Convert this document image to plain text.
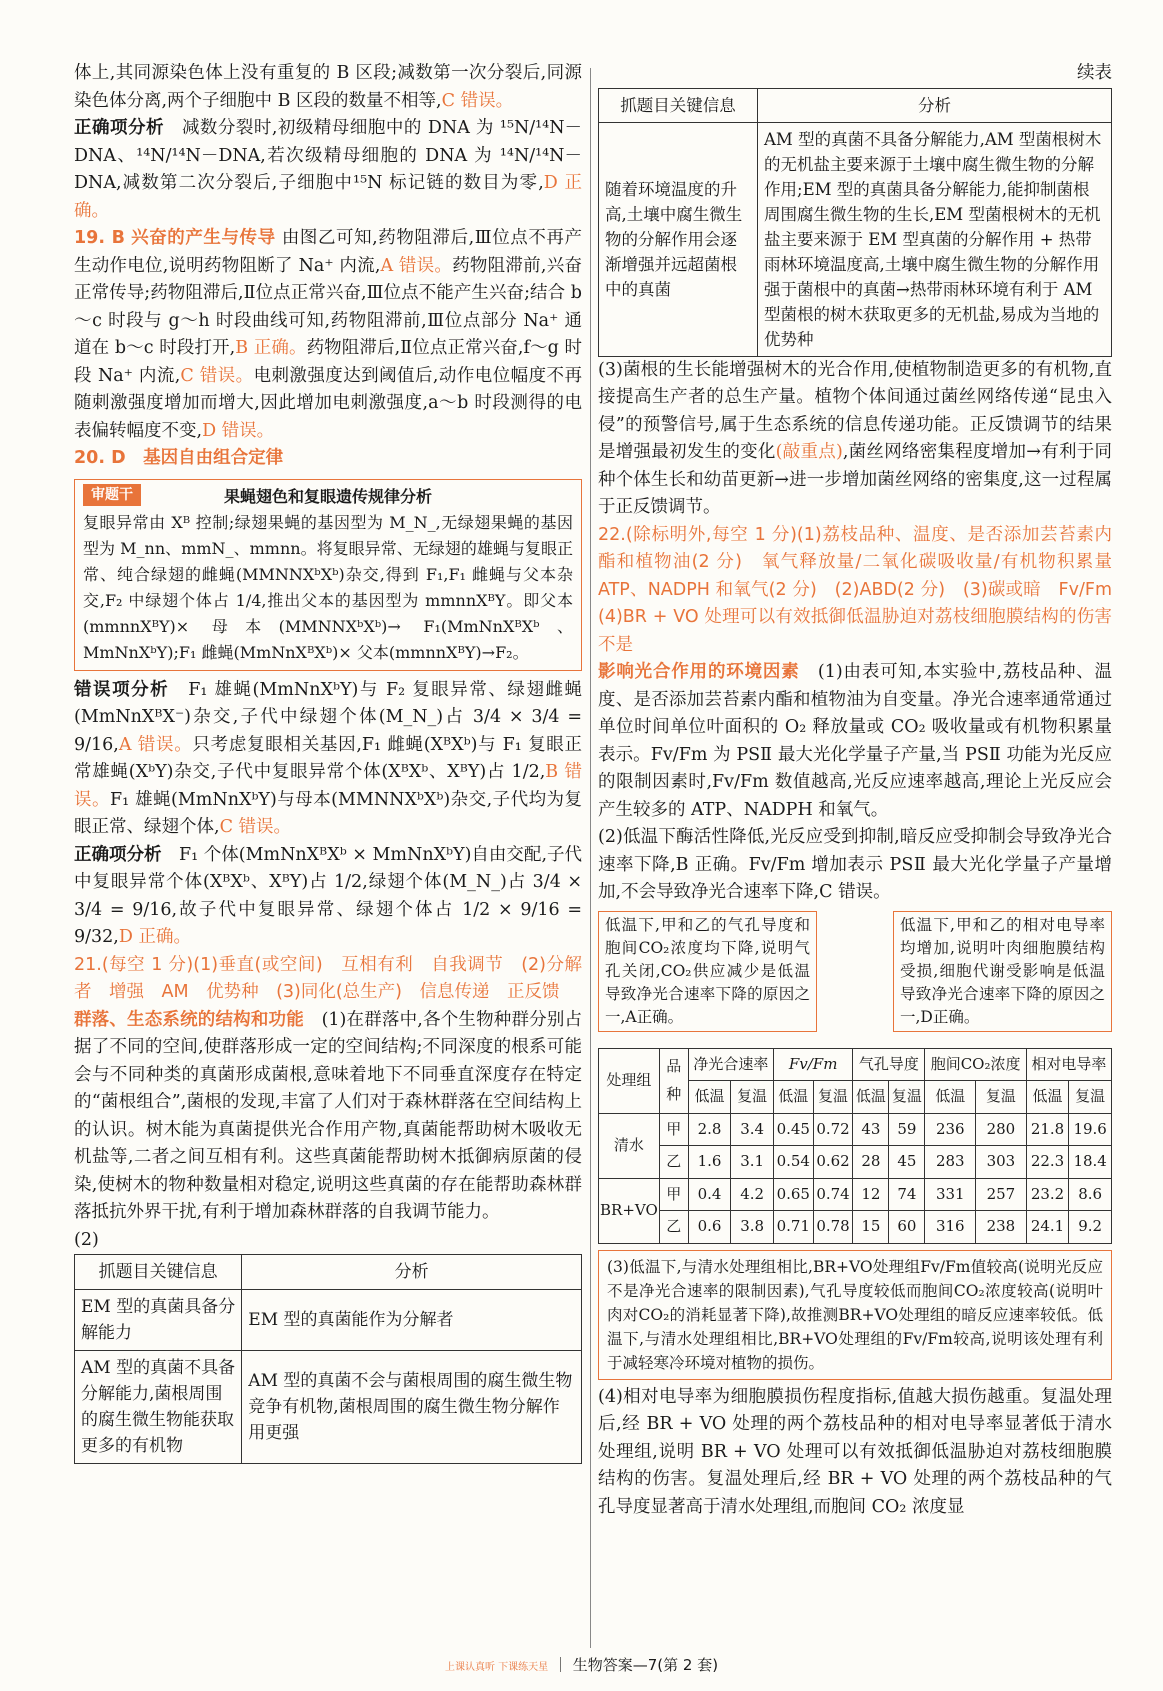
体上,其同源染色体上没有重复的 B 区段;减数第一次分裂后,同源染色体分离,两个子细胞中 B 区段的数量不相等,C 错误。

正确项分析　 减数分裂时,初级精母细胞中的 DNA 为 ¹⁵N/¹⁴N－DNA、¹⁴N/¹⁴N－DNA,若次级精母细胞的 DNA 为 ¹⁴N/¹⁴N－DNA,减数第二次分裂后,子细胞中¹⁵N 标记链的数目为零,D 正确。

19. B 兴奋的产生与传导 由图乙可知,药物阻滞后,Ⅲ位点不再产生动作电位,说明药物阻断了 Na⁺ 内流,A 错误。药物阻滞前,兴奋正常传导;药物阻滞后,Ⅱ位点正常兴奋,Ⅲ位点不能产生兴奋;结合 b～c 时段与 g～h 时段曲线可知,药物阻滞前,Ⅲ位点部分 Na⁺ 通道在 b～c 时段打开,B 正确。药物阻滞后,Ⅱ位点正常兴奋,f～g 时段 Na⁺ 内流,C 错误。电刺激强度达到阈值后,动作电位幅度不再随刺激强度增加而增大,因此增加电刺激强度,a～b 时段测得的电表偏转幅度不变,D 错误。

20. D　 基因自由组合定律

审题干	果蝇翅色和复眼遗传规律分析

复眼异常由 Xᴮ 控制;绿翅果蝇的基因型为 M_N_,无绿翅果蝇的基因型为 M_nn、mmN_、mmnn。将复眼异常、无绿翅的雄蝇与复眼正常、纯合绿翅的雌蝇(MMNNXᵇXᵇ)杂交,得到 F₁,F₁ 雌蝇与父本杂交,F₂ 中绿翅个体占 1/4,推出父本的基因型为 mmnnXᴮY。即父本(mmnnXᴮY)× 母本(MMNNXᵇXᵇ)→ F₁(MmNnXᴮXᵇ、MmNnXᵇY);F₁ 雌蝇(MmNnXᴮXᵇ)× 父本(mmnnXᴮY)→F₂。

错误项分析　 F₁ 雄蝇(MmNnXᵇY)与 F₂ 复眼异常、绿翅雌蝇(MmNnXᴮX⁻)杂交,子代中绿翅个体(M_N_)占 3/4 × 3/4 = 9/16,A 错误。只考虑复眼相关基因,F₁ 雌蝇(XᴮXᵇ)与 F₁ 复眼正常雄蝇(XᵇY)杂交,子代中复眼异常个体(XᴮXᵇ、XᴮY)占 1/2,B 错误。F₁ 雄蝇(MmNnXᵇY)与母本(MMNNXᵇXᵇ)杂交,子代均为复眼正常、绿翅个体,C 错误。

正确项分析　 F₁ 个体(MmNnXᴮXᵇ × MmNnXᵇY)自由交配,子代中复眼异常个体(XᴮXᵇ、XᴮY)占 1/2,绿翅个体(M_N_)占 3/4 × 3/4 = 9/16,故子代中复眼异常、绿翅个体占 1/2 × 9/16 = 9/32,D 正确。

21.(每空 1 分)(1)垂直(或空间)　互相有利　自我调节　(2)分解者　增强　AM　优势种　(3)同化(总生产)　信息传递　正反馈

群落、生态系统的结构和功能　 (1)在群落中,各个生物种群分别占据了不同的空间,使群落形成一定的空间结构;不同深度的根系可能会与不同种类的真菌形成菌根,意味着地下不同垂直深度存在特定的“菌根组合”,菌根的发现,丰富了人们对于森林群落在空间结构上的认识。树木能为真菌提供光合作用产物,真菌能帮助树木吸收无机盐等,二者之间互相有利。这些真菌能帮助树木抵御病原菌的侵染,使树木的物种数量相对稳定,说明这些真菌的存在能帮助森林群落抵抗外界干扰,有利于增加森林群落的自我调节能力。

(2)

抓题目关键信息	分析
EM 型的真菌具备分解能力	EM 型的真菌能作为分解者
AM 型的真菌不具备分解能力,菌根周围的腐生微生物能获取更多的有机物	AM 型的真菌不会与菌根周围的腐生微生物竞争有机物,菌根周围的腐生微生物分解作用更强

续表

抓题目关键信息	分析
随着环境温度的升高,土壤中腐生微生物的分解作用会逐渐增强并远超菌根中的真菌	AM 型的真菌不具备分解能力,AM 型菌根树木的无机盐主要来源于土壤中腐生微生物的分解作用;EM 型的真菌具备分解能力,能抑制菌根周围腐生微生物的生长,EM 型菌根树木的无机盐主要来源于 EM 型真菌的分解作用 + 热带雨林环境温度高,土壤中腐生微生物的分解作用强于菌根中的真菌→热带雨林环境有利于 AM 型菌根的树木获取更多的无机盐,易成为当地的优势种

(3)菌根的生长能增强树木的光合作用,使植物制造更多的有机物,直接提高生产者的总生产量。植物个体间通过菌丝网络传递“昆虫入侵”的预警信号,属于生态系统的信息传递功能。正反馈调节的结果是增强最初发生的变化(敲重点),菌丝网络密集程度增加→有利于同种个体生长和幼苗更新→进一步增加菌丝网络的密集度,这一过程属于正反馈调节。

22.(除标明外,每空 1 分)(1)荔枝品种、温度、是否添加芸苔素内酯和植物油(2 分)　氧气释放量/二氧化碳吸收量/有机物积累量　ATP、NADPH 和氧气(2 分)　(2)ABD(2 分)　(3)碳或暗　Fv/Fm　(4)BR + VO 处理可以有效抵御低温胁迫对荔枝细胞膜结构的伤害　不是

影响光合作用的环境因素　 (1)由表可知,本实验中,荔枝品种、温度、是否添加芸苔素内酯和植物油为自变量。净光合速率通常通过单位时间单位叶面积的 O₂ 释放量或 CO₂ 吸收量或有机物积累量表示。Fv/Fm 为 PSⅡ 最大光化学量子产量,当 PSⅡ 功能为光反应的限制因素时,Fv/Fm 数值越高,光反应速率越高,理论上光反应会产生较多的 ATP、NADPH 和氧气。

(2)低温下酶活性降低,光反应受到抑制,暗反应受抑制会导致净光合速率下降,B 正确。Fv/Fm 增加表示 PSⅡ 最大光化学量子产量增加,不会导致净光合速率下降,C 错误。

低温下,甲和乙的气孔导度和胞间CO₂浓度均下降,说明气孔关闭,CO₂供应减少是低温导致净光合速率下降的原因之一,A正确。
低温下,甲和乙的相对电导率均增加,说明叶肉细胞膜结构受损,细胞代谢受影响是低温导致净光合速率下降的原因之一,D正确。
处理组	品种	净光合速率		Fv/Fm		气孔导度		胞间CO₂浓度		相对电导率	
		低温	复温	低温	复温	低温	复温	低温	复温	低温	复温
清水	甲	2.8	3.4	0.45	0.72	43	59	236	280	21.8	19.6
	乙	1.6	3.1	0.54	0.62	28	45	283	303	22.3	18.4
BR+VO	甲	0.4	4.2	0.65	0.74	12	74	331	257	23.2	8.6
	乙	0.6	3.8	0.71	0.78	15	60	316	238	24.1	9.2
(3)低温下,与清水处理组相比,BR+VO处理组Fv/Fm值较高(说明光反应不是净光合速率的限制因素),气孔导度较低而胞间CO₂浓度较高(说明叶肉对CO₂的消耗显著下降),故推测BR+VO处理组的暗反应速率较低。低温下,与清水处理组相比,BR+VO处理组的Fv/Fm较高,说明该处理有利于减轻寒冷环境对植物的损伤。

(4)相对电导率为细胞膜损伤程度指标,值越大损伤越重。复温处理后,经 BR + VO 处理的两个荔枝品种的相对电导率显著低于清水处理组,说明 BR + VO 处理可以有效抵御低温胁迫对荔枝细胞膜结构的伤害。复温处理后,经 BR + VO 处理的两个荔枝品种的气孔导度显著高于清水处理组,而胞间 CO₂ 浓度显

上课认真听 下课练天星 ｜ 生物答案—7(第 2 套)
